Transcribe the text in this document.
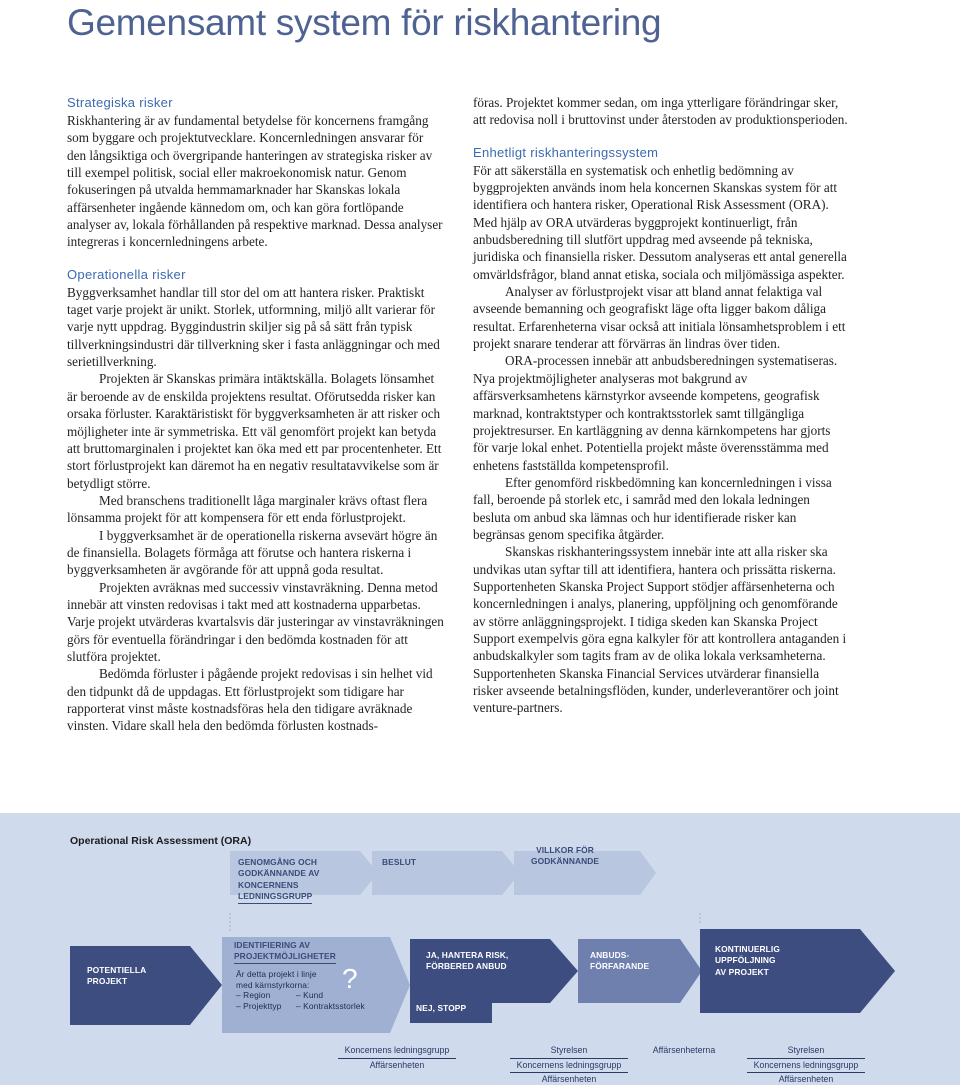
Gemensamt system för riskhantering
Strategiska risker

Riskhantering är av fundamental betydelse för koncernens framgång som byggare och projektutvecklare. Koncernledningen ansvarar för den långsiktiga och övergripande hanteringen av strategiska risker av till exempel politisk, social eller makroekonomisk natur. Genom fokuseringen på utvalda hemmamarknader har Skanskas lokala affärsenheter ingående kännedom om, och kan göra fortlöpande analyser av, lokala förhållanden på respektive marknad. Dessa analyser integreras i koncernledningens arbete.

Operationella risker

Byggverksamhet handlar till stor del om att hantera risker. Praktiskt taget varje projekt är unikt. Storlek, utformning, miljö allt varierar för varje nytt uppdrag. Byggindustrin skiljer sig på så sätt från typisk tillverkningsindustri där tillverkning sker i fasta anläggningar och med serietillverkning.

Projekten är Skanskas primära intäktskälla. Bolagets lönsamhet är beroende av de enskilda projektens resultat. Oförutsedda risker kan orsaka förluster. Karaktäristiskt för byggverksamheten är att risker och möjligheter inte är symmetriska. Ett väl genomfört projekt kan betyda att bruttomarginalen i projektet kan öka med ett par procentenheter. Ett stort förlustprojekt kan däremot ha en negativ resultatavvikelse som är betydligt större.

Med branschens traditionellt låga marginaler krävs oftast flera lönsamma projekt för att kompensera för ett enda förlustprojekt.

I byggverksamhet är de operationella riskerna avsevärt högre än de finansiella. Bolagets förmåga att förutse och hantera riskerna i byggverksamheten är avgörande för att uppnå goda resultat.

Projekten avräknas med successiv vinstavräkning. Denna metod innebär att vinsten redovisas i takt med att kostnaderna upparbetas. Varje projekt utvärderas kvartalsvis där justeringar av vinstavräkningen görs för eventuella förändringar i den bedömda kostnaden för att slutföra projektet.

Bedömda förluster i pågående projekt redovisas i sin helhet vid den tidpunkt då de uppdagas. Ett förlustprojekt som tidigare har rapporterat vinst måste kostnadsföras hela den tidigare avräknade vinsten. Vidare skall hela den bedömda förlusten kostnads-

föras. Projektet kommer sedan, om inga ytterligare förändringar sker, att redovisa noll i bruttovinst under återstoden av produktionsperioden.

Enhetligt riskhanteringssystem

För att säkerställa en systematisk och enhetlig bedömning av byggprojekten används inom hela koncernen Skanskas system för att identifiera och hantera risker, Operational Risk Assessment (ORA). Med hjälp av ORA utvärderas byggprojekt kontinuerligt, från anbudsberedning till slutfört uppdrag med avseende på tekniska, juridiska och finansiella risker. Dessutom analyseras ett antal generella omvärldsfrågor, bland annat etiska, sociala och miljömässiga aspekter.

Analyser av förlustprojekt visar att bland annat felaktiga val avseende bemanning och geografiskt läge ofta ligger bakom dåliga resultat. Erfarenheterna visar också att initiala lönsamhetsproblem i ett projekt snarare tenderar att förvärras än lindras över tiden.

ORA-processen innebär att anbudsberedningen systematiseras. Nya projektmöjligheter analyseras mot bakgrund av affärsverksamhetens kärnstyrkor avseende kompetens, geografisk marknad, kontraktstyper och kontraktsstorlek samt tillgängliga projektresurser. En kartläggning av denna kärnkompetens har gjorts för varje lokal enhet. Potentiella projekt måste överensstämma med enhetens fastställda kompetensprofil.

Efter genomförd riskbedömning kan koncernledningen i vissa fall, beroende på storlek etc, i samråd med den lokala ledningen besluta om anbud ska lämnas och hur identifierade risker kan begränsas genom specifika åtgärder.

Skanskas riskhanteringssystem innebär inte att alla risker ska undvikas utan syftar till att identifiera, hantera och prissätta riskerna. Supportenheten Skanska Project Support stödjer affärsenheterna och koncernledningen i analys, planering, uppföljning och genomförande av större anläggningsprojekt. I tidiga skeden kan Skanska Project Support exempelvis göra egna kalkyler för att kontrollera antaganden i anbudskalkyler som tagits fram av de olika lokala verksamheterna. Supportenheten Skanska Financial Services utvärderar finansiella risker avseende betalningsflöden, kunder, underleverantörer och joint venture-partners.

Operational Risk Assessment (ORA)
GENOMGÅNG OCH
GODKÄNNANDE AV
KONCERNENS
LEDNINGSGRUPP
BESLUT
VILLKOR FÖR
GODKÄNNANDE
POTENTIELLA
PROJEKT
IDENTIFIERING AV
PROJEKTMÖJLIGHETER
Är detta projekt i linje
med kärnstyrkorna:
– Region	– Kund
– Projekttyp – Kontraktsstorlek
?
JA, HANTERA RISK,
FÖRBERED ANBUD
NEJ, STOPP
ANBUDS-
FÖRFARANDE
KONTINUERLIG
UPPFÖLJNING
AV PROJEKT
Koncernens ledningsgrupp
Affärsenheten
Styrelsen
Koncernens ledningsgrupp
Affärsenheten
Affärsenheterna	Styrelsen
Koncernens ledningsgrupp
Affärsenheten
